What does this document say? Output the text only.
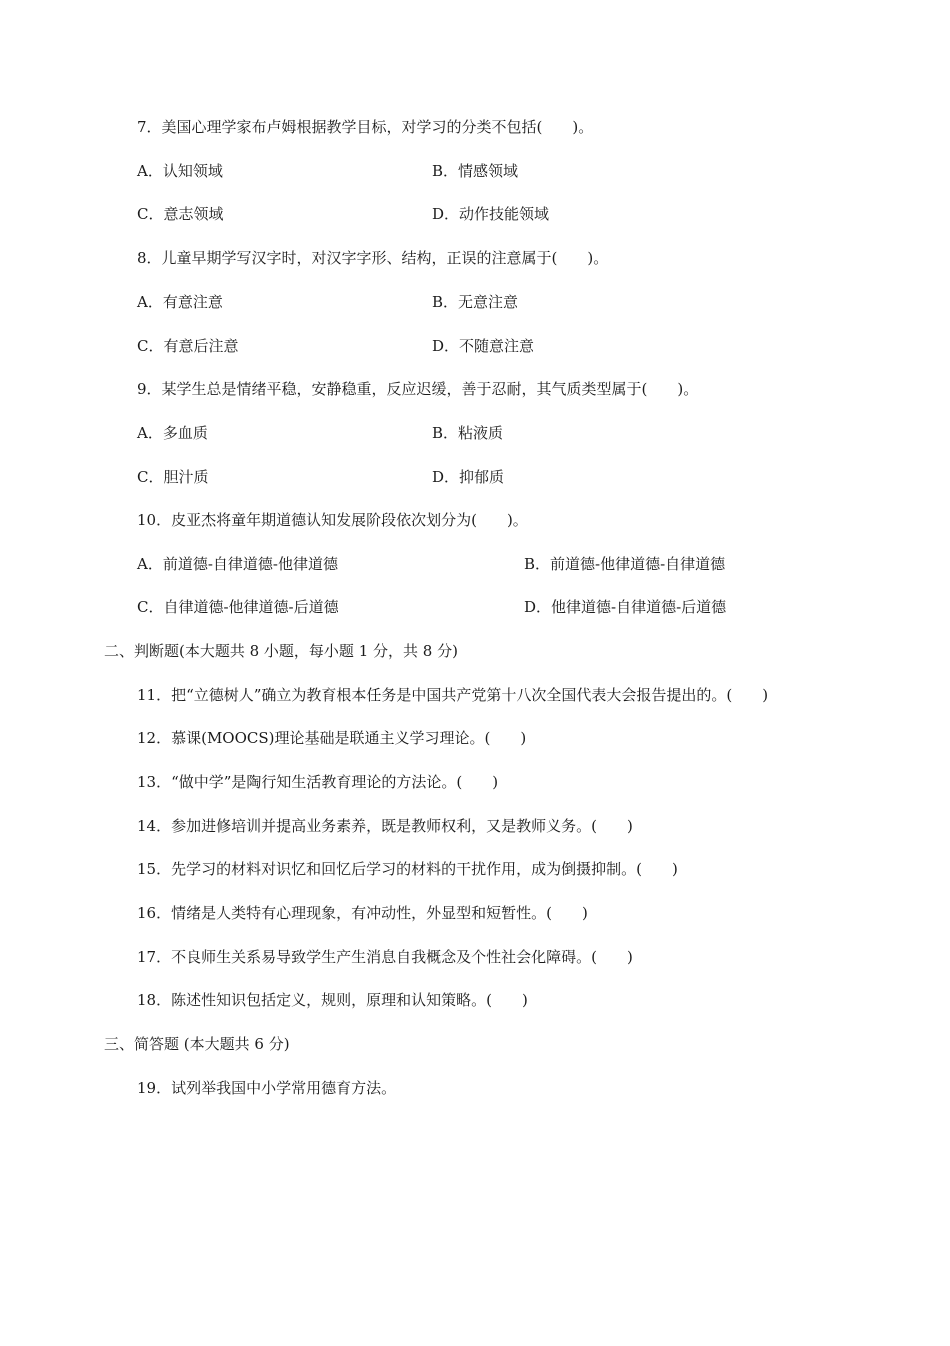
7．美国心理学家布卢姆根据教学目标，对学习的分类不包括(　　)。
A．认知领域	B．情感领域
C．意志领域	D．动作技能领域
8．儿童早期学写汉字时，对汉字字形、结构，正误的注意属于(　　)。
A．有意注意	B．无意注意
C．有意后注意	D．不随意注意
9．某学生总是情绪平稳，安静稳重，反应迟缓，善于忍耐，其气质类型属于(　　)。
A．多血质	B．粘液质
C．胆汁质	D．抑郁质
10．皮亚杰将童年期道德认知发展阶段依次划分为(　　)。
A．前道德-自律道德-他律道德	B．前道德-他律道德-自律道德
C．自律道德-他律道德-后道德	D．他律道德-自律道德-后道德
二、判断题(本大题共 8 小题，每小题 1 分，共 8 分)
11．把“立德树人”确立为教育根本任务是中国共产党第十八次全国代表大会报告提出的。(　　)
12．慕课(MOOCS)理论基础是联通主义学习理论。(　　)
13．“做中学”是陶行知生活教育理论的方法论。(　　)
14．参加进修培训并提高业务素养，既是教师权利，又是教师义务。(　　)
15．先学习的材料对识忆和回忆后学习的材料的干扰作用，成为倒摄抑制。(　　)
16．情绪是人类特有心理现象，有冲动性，外显型和短暂性。(　　)
17．不良师生关系易导致学生产生消息自我概念及个性社会化障碍。(　　)
18．陈述性知识包括定义，规则，原理和认知策略。(　　)
三、简答题 (本大题共 6 分)
19．试列举我国中小学常用德育方法。
